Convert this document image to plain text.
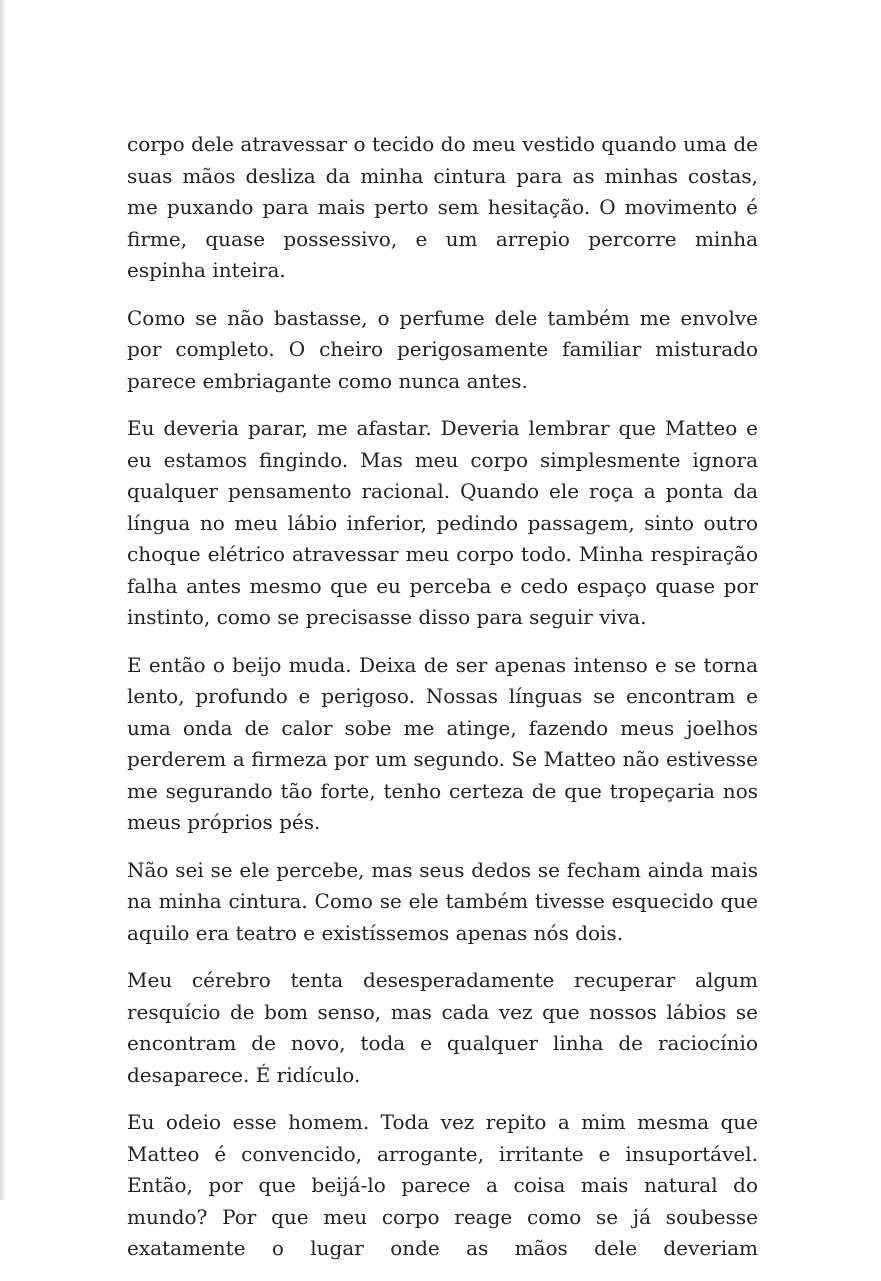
corpo dele atravessar o tecido do meu vestido quando uma de suas mãos desliza da minha cintura para as minhas costas, me puxando para mais perto sem hesitação. O movimento é firme, quase possessivo, e um arrepio percorre minha espinha inteira.

Como se não bastasse, o perfume dele também me envolve por completo. O cheiro perigosamente familiar misturado parece embriagante como nunca antes.

Eu deveria parar, me afastar. Deveria lembrar que Matteo e eu estamos fingindo. Mas meu corpo simplesmente ignora qualquer pensamento racional. Quando ele roça a ponta da língua no meu lábio inferior, pedindo passagem, sinto outro choque elétrico atravessar meu corpo todo. Minha respiração falha antes mesmo que eu perceba e cedo espaço quase por instinto, como se precisasse disso para seguir viva.

E então o beijo muda. Deixa de ser apenas intenso e se torna lento, profundo e perigoso. Nossas línguas se encontram e uma onda de calor sobe me atinge, fazendo meus joelhos perderem a firmeza por um segundo. Se Matteo não estivesse me segurando tão forte, tenho certeza de que tropeçaria nos meus próprios pés.

Não sei se ele percebe, mas seus dedos se fecham ainda mais na minha cintura. Como se ele também tivesse esquecido que aquilo era teatro e existíssemos apenas nós dois.

Meu cérebro tenta desesperadamente recuperar algum resquício de bom senso, mas cada vez que nossos lábios se encontram de novo, toda e qualquer linha de raciocínio desaparece. É ridículo.

Eu odeio esse homem. Toda vez repito a mim mesma que Matteo é convencido, arrogante, irritante e insuportável. Então, por que beijá-lo parece a coisa mais natural do mundo? Por que meu corpo reage como se já soubesse exatamente o lugar onde as mãos dele deveriam
